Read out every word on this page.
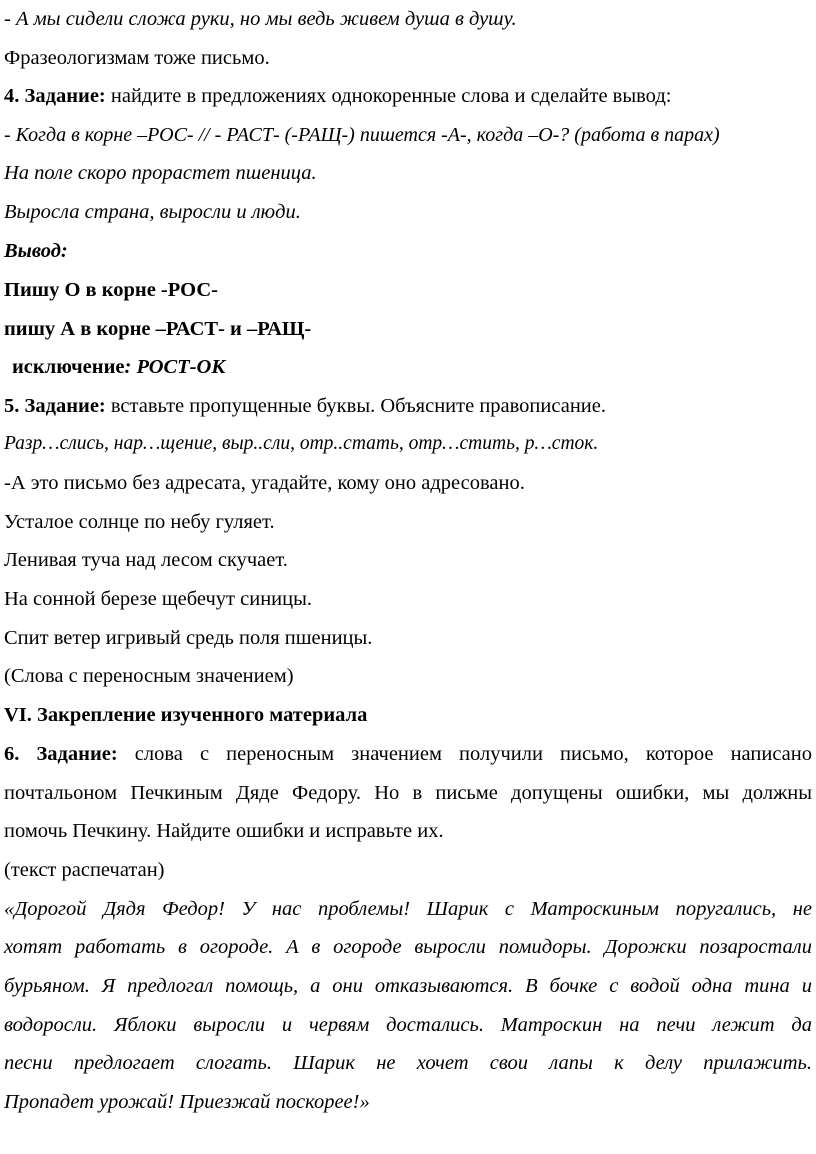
- А мы сидели сложа руки, но мы ведь живем душа в душу.
Фразеологизмам тоже письмо.
4. Задание: найдите в предложениях однокоренные слова и сделайте вывод:
- Когда в корне –РОС- // - РАСТ- (-РАЩ-) пишется -А-, когда –О-? (работа в парах)
На поле скоро прорастет пшеница.
Выросла страна, выросли и люди.
Вывод:
Пишу О в корне -РОС-
пишу А в корне –РАСТ- и –РАЩ-
исключение: РОСТ-ОК
5. Задание: вставьте пропущенные буквы. Объясните правописание.
Разр…слись, нар…щение, выр..сли, отр..стать, отр…стить, р…сток.
-А это письмо без адресата, угадайте, кому оно адресовано.
Усталое солнце по небу гуляет.
Ленивая туча над лесом скучает.
На сонной березе щебечут синицы.
Спит ветер игривый средь поля пшеницы.
(Слова с переносным значением)
VI. Закрепление изученного материала
6. Задание: слова с переносным значением получили письмо, которое написано
почтальоном Печкиным Дяде Федору. Но в письме допущены ошибки, мы должны
помочь Печкину. Найдите ошибки и исправьте их.
(текст распечатан)
«Дорогой Дядя Федор! У нас проблемы! Шарик с Матроскиным поругались, не
хотят работать в огороде. А в огороде выросли помидоры. Дорожки позаростали
бурьяном. Я предлогал помощь, а они отказываются. В бочке с водой одна тина и
водоросли. Яблоки выросли и червям достались. Матроскин на печи лежит да
песни предлогает слогать. Шарик не хочет свои лапы к делу прилажить.
Пропадет урожай! Приезжай поскорее!»
